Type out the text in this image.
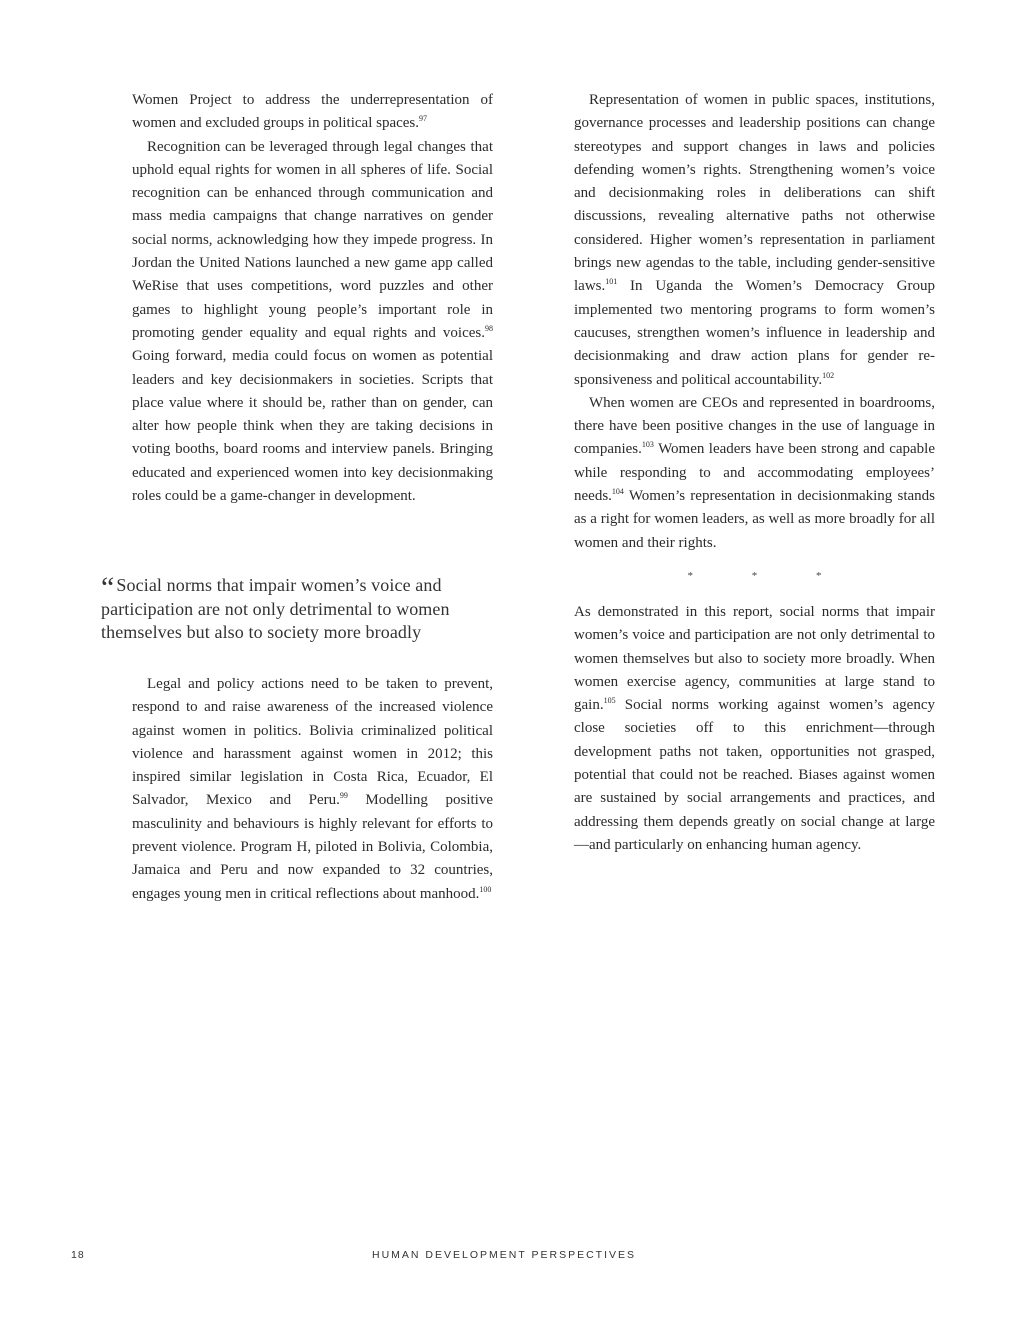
Women Project to address the underrepresentation of women and excluded groups in political spaces.$^{97}$

Recognition can be leveraged through legal changes that uphold equal rights for women in all spheres of life. Social recognition can be enhanced through communication and mass media campaigns that change narratives on gender social norms, acknowledging how they impede progress. In Jordan the United Nations launched a new game app called WeRise that uses competitions, word puzzles and other games to highlight young people’s important role in promoting gender equality and equal rights and voices.$^{98}$ Going forward, media could focus on women as potential leaders and key decisionmakers in societies. Scripts that place value where it should be, rather than on gender, can alter how people think when they are taking decisions in voting booths, board rooms and interview panels. Bringing educated and experienced women into key decisionmaking roles could be a game-changer in development.

“ Social norms that impair women’s voice and participation are not only detrimental to women themselves but also to society more broadly

Legal and policy actions need to be taken to prevent, respond to and raise awareness of the increased violence against women in politics. Bolivia criminalized political violence and harassment against women in 2012; this inspired similar legislation in Costa Rica, Ecuador, El Salvador, Mexico and Peru.$^{99}$ Modelling positive masculinity and behaviours is highly relevant for efforts to prevent violence. Program H, piloted in Bolivia, Colombia, Jamaica and Peru and now expanded to 32 countries, engages young men in critical reflections about manhood.$^{100}$

Representation of women in public spaces, institutions, governance processes and leadership positions can change stereotypes and support changes in laws and policies defending women’s rights. Strengthening women’s voice and decisionmaking roles in deliberations can shift discussions, revealing alternative paths not otherwise considered. Higher women’s representation in parliament brings new agendas to the table, including gender-sensitive laws.$^{101}$ In Uganda the Women’s Democracy Group implemented two mentoring programs to form women’s caucuses, strengthen women’s influence in leadership and decisionmaking and draw action plans for gender responsiveness and political accountability.$^{102}$

When women are CEOs and represented in boardrooms, there have been positive changes in the use of language in companies.$^{103}$ Women leaders have been strong and capable while responding to and accommodating employees’ needs.$^{104}$ Women’s representation in decisionmaking stands as a right for women leaders, as well as more broadly for all women and their rights.

* * *

As demonstrated in this report, social norms that impair women’s voice and participation are not only detrimental to women themselves but also to society more broadly. When women exercise agency, communities at large stand to gain.$^{105}$ Social norms working against women’s agency close societies off to this enrichment—through development paths not taken, opportunities not grasped, potential that could not be reached. Biases against women are sustained by social arrangements and practices, and addressing them depends greatly on social change at large—and particularly on enhancing human agency.

18	HUMAN DEVELOPMENT PERSPECTIVES
